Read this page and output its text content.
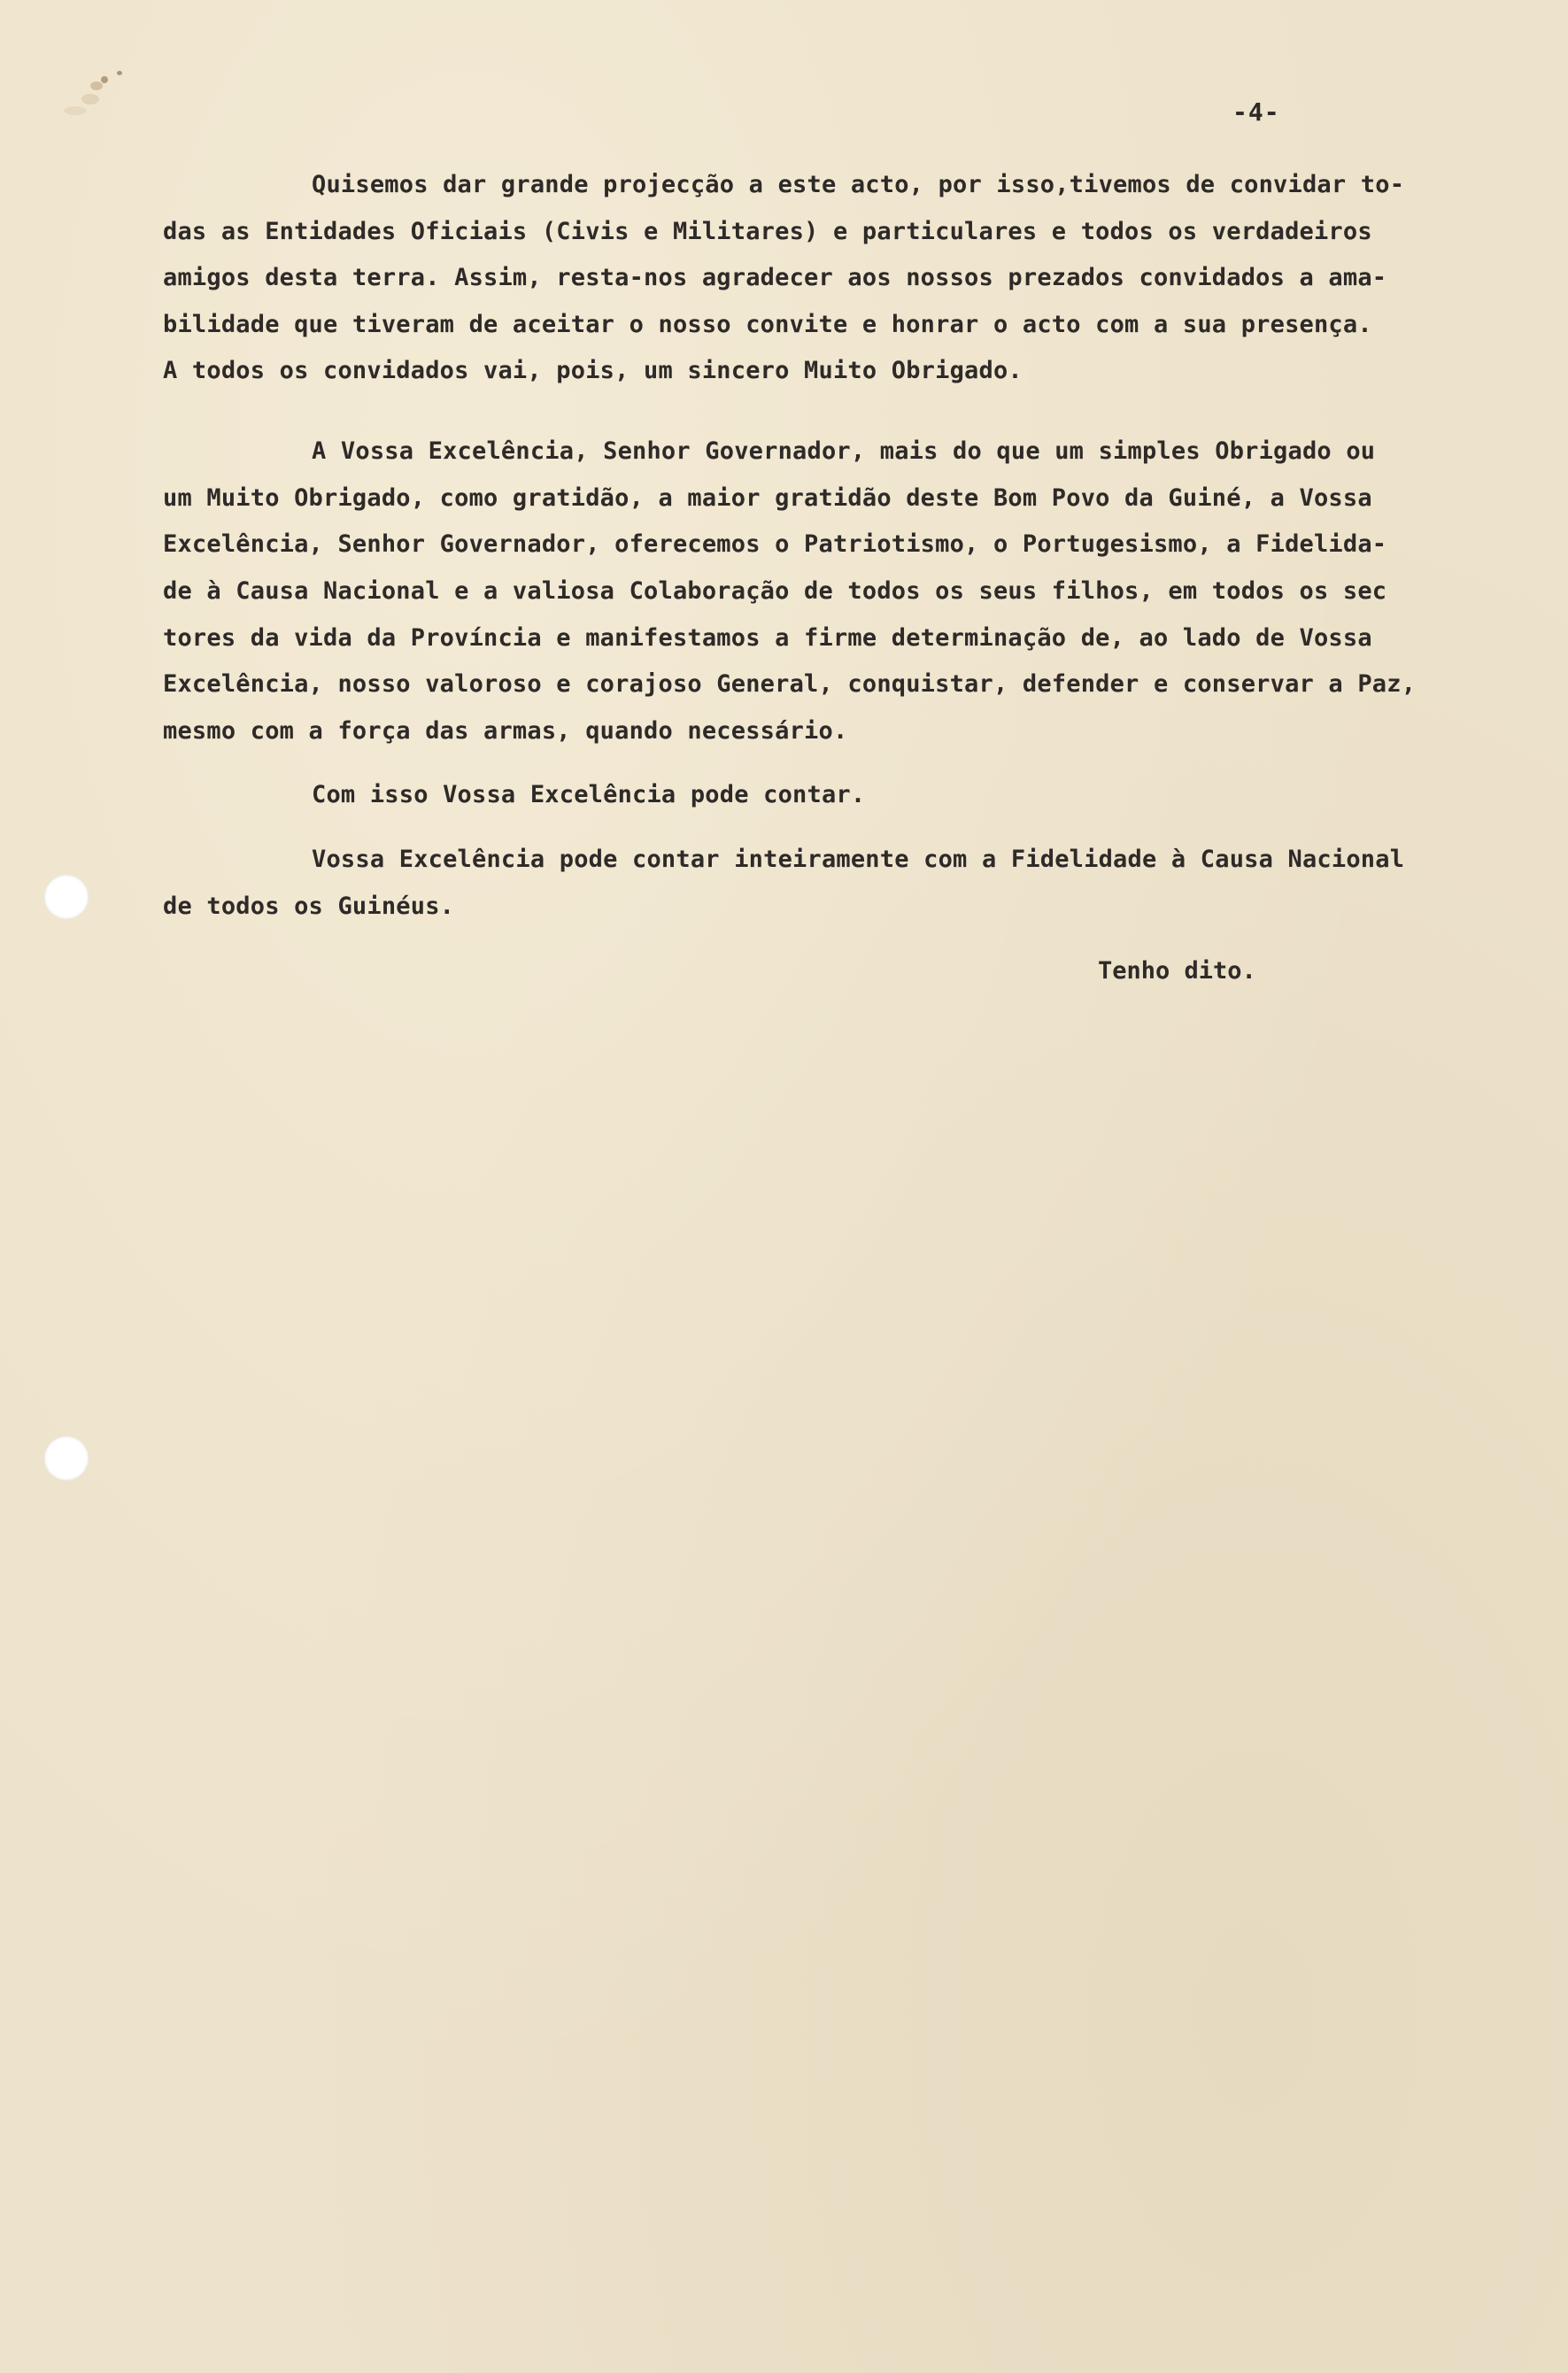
-4-
Quisemos dar grande projecção a este acto, por isso,tivemos de convidar to-
das as Entidades Oficiais (Civis e Militares) e particulares e todos os verdadeiros
amigos desta terra. Assim, resta-nos agradecer aos nossos prezados convidados a ama-
bilidade que tiveram de aceitar o nosso convite e honrar o acto com a sua presença.
A todos os convidados vai, pois, um sincero Muito Obrigado.
A Vossa Excelência, Senhor Governador, mais do que um simples Obrigado ou
um Muito Obrigado, como gratidão, a maior gratidão deste Bom Povo da Guiné, a Vossa
Excelência, Senhor Governador, oferecemos o Patriotismo, o Portugesismo, a Fidelida-
de à Causa Nacional e a valiosa Colaboração de todos os seus filhos, em todos os sec
tores da vida da Província e manifestamos a firme determinação de, ao lado de Vossa
Excelência, nosso valoroso e corajoso General, conquistar, defender e conservar a Paz,
mesmo com a força das armas, quando necessário.
Com isso Vossa Excelência pode contar.
Vossa Excelência pode contar inteiramente com a Fidelidade à Causa Nacional
de todos os Guinéus.
Tenho dito.
